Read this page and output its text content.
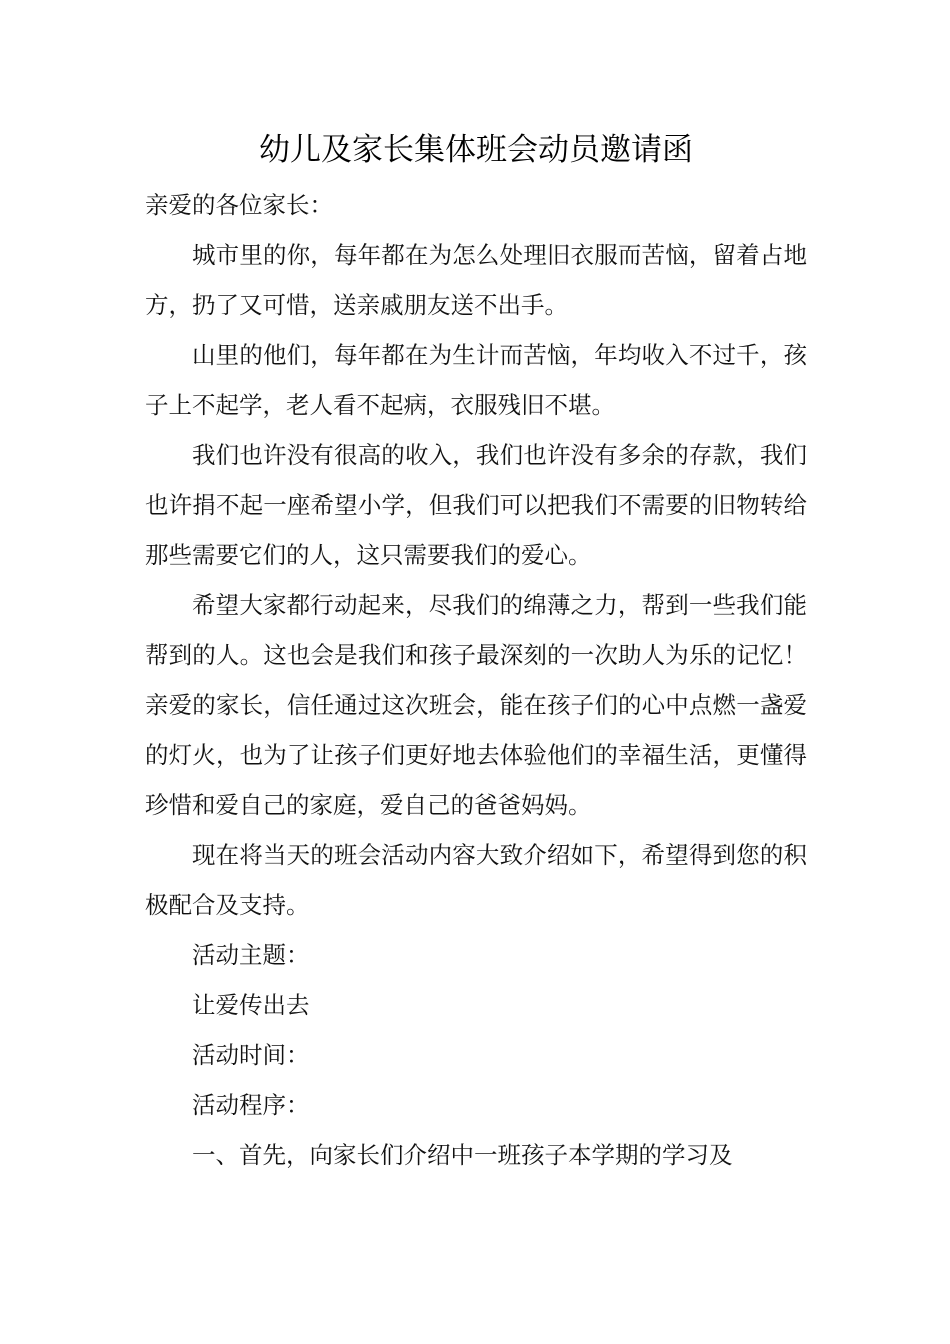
幼儿及家长集体班会动员邀请函

亲爱的各位家长：

城市里的你，每年都在为怎么处理旧衣服而苦恼，留着占地方，扔了又可惜，送亲戚朋友送不出手。

山里的他们，每年都在为生计而苦恼，年均收入不过千，孩子上不起学，老人看不起病，衣服残旧不堪。

我们也许没有很高的收入，我们也许没有多余的存款，我们也许捐不起一座希望小学，但我们可以把我们不需要的旧物转给那些需要它们的人，这只需要我们的爱心。

希望大家都行动起来，尽我们的绵薄之力，帮到一些我们能帮到的人。这也会是我们和孩子最深刻的一次助人为乐的记忆！亲爱的家长，信任通过这次班会，能在孩子们的心中点燃一盏爱的灯火，也为了让孩子们更好地去体验他们的幸福生活，更懂得珍惜和爱自己的家庭，爱自己的爸爸妈妈。

现在将当天的班会活动内容大致介绍如下，希望得到您的积极配合及支持。

活动主题：

让爱传出去

活动时间：

活动程序：

一、首先，向家长们介绍中一班孩子本学期的学习及
